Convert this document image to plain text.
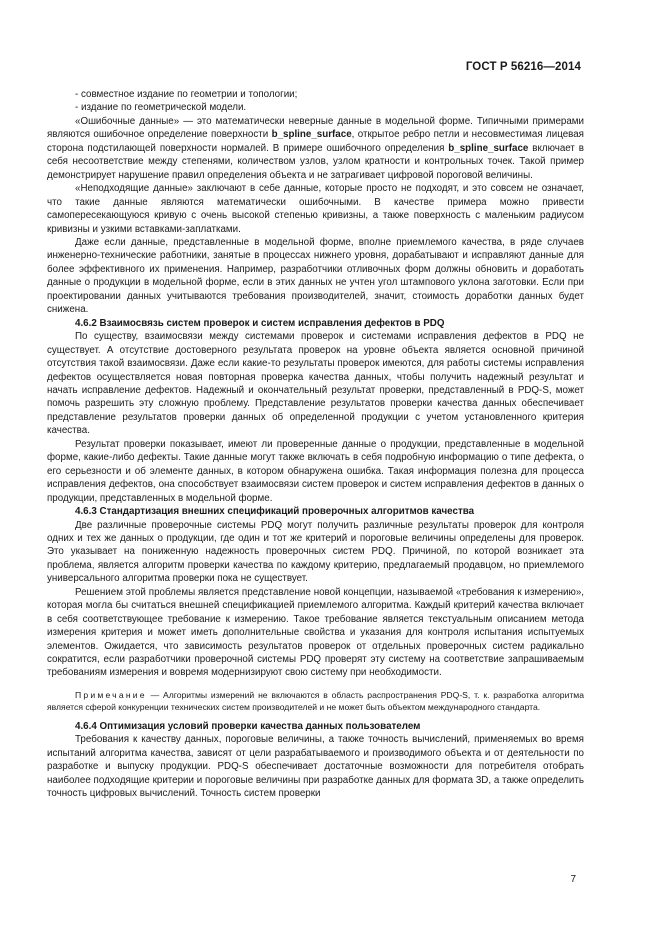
ГОСТ Р 56216—2014

- совместное издание по геометрии и топологии;

- издание по геометрической модели.

«Ошибочные данные» — это математически неверные данные в модельной форме. Типичными примерами являются ошибочное определение поверхности b_spline_surface, открытое ребро петли и несовместимая лицевая сторона подстилающей поверхности нормалей. В примере ошибочного определения b_spline_surface включает в себя несоответствие между степенями, количеством узлов, узлом кратности и контрольных точек. Такой пример демонстрирует нарушение правил определения объекта и не затрагивает цифровой пороговой величины.

«Неподходящие данные» заключают в себе данные, которые просто не подходят, и это совсем не означает, что такие данные являются математически ошибочными. В качестве примера можно привести самопересекающуюся кривую с очень высокой степенью кривизны, а также поверхность с маленьким радиусом кривизны и узкими вставками-заплатками.

Даже если данные, представленные в модельной форме, вполне приемлемого качества, в ряде случаев инженерно-технические работники, занятые в процессах нижнего уровня, дорабатывают и исправляют данные для более эффективного их применения. Например, разработчики отливочных форм должны обновить и доработать данные о продукции в модельной форме, если в этих данных не учтен угол штампового уклона заготовки. Если при проектировании данных учитываются требования производителей, значит, стоимость доработки данных будет снижена.

4.6.2 Взаимосвязь систем проверок и систем исправления дефектов в PDQ

По существу, взаимосвязи между системами проверок и системами исправления дефектов в PDQ не существует. А отсутствие достоверного результата проверок на уровне объекта является основной причиной отсутствия такой взаимосвязи. Даже если какие-то результаты проверок имеются, для работы системы исправления дефектов осуществляется новая повторная проверка качества данных, чтобы получить надежный результат и начать исправление дефектов. Надежный и окончательный результат проверки, представленный в PDQ-S, может помочь разрешить эту сложную проблему. Представление результатов проверки качества данных обеспечивает представление результатов проверки данных об определенной продукции с учетом установленного критерия качества.

Результат проверки показывает, имеют ли проверенные данные о продукции, представленные в модельной форме, какие-либо дефекты. Такие данные могут также включать в себя подробную информацию о типе дефекта, о его серьезности и об элементе данных, в котором обнаружена ошибка. Такая информация полезна для процесса исправления дефектов, она способствует взаимосвязи систем проверок и систем исправления дефектов в данных о продукции, представленных в модельной форме.

4.6.3 Стандартизация внешних спецификаций проверочных алгоритмов качества

Две различные проверочные системы PDQ могут получить различные результаты проверок для контроля одних и тех же данных о продукции, где один и тот же критерий и пороговые величины определены для проверок. Это указывает на пониженную надежность проверочных систем PDQ. Причиной, по которой возникает эта проблема, является алгоритм проверки качества по каждому критерию, предлагаемый продавцом, но приемлемого универсального алгоритма проверки пока не существует.

Решением этой проблемы является представление новой концепции, называемой «требования к измерению», которая могла бы считаться внешней спецификацией приемлемого алгоритма. Каждый критерий качества включает в себя соответствующее требование к измерению. Такое требование является текстуальным описанием метода измерения критерия и может иметь дополнительные свойства и указания для контроля испытания испытуемых элементов. Ожидается, что зависимость результатов проверок от отдельных проверочных систем радикально сократится, если разработчики проверочной системы PDQ проверят эту систему на соответствие запрашиваемым требованиям измерения и вовремя модернизируют свою систему при необходимости.

Примечание — Алгоритмы измерений не включаются в область распространения PDQ-S, т. к. разработка алгоритма является сферой конкуренции технических систем производителей и не может быть объектом международного стандарта.

4.6.4 Оптимизация условий проверки качества данных пользователем

Требования к качеству данных, пороговые величины, а также точность вычислений, применяемых во время испытаний алгоритма качества, зависят от цели разрабатываемого и производимого объекта и от деятельности по разработке и выпуску продукции. PDQ-S обеспечивает достаточные возможности для потребителя отобрать наиболее подходящие критерии и пороговые величины при разработке данных для формата 3D, а также определить точность цифровых вычислений. Точность систем проверки

7
